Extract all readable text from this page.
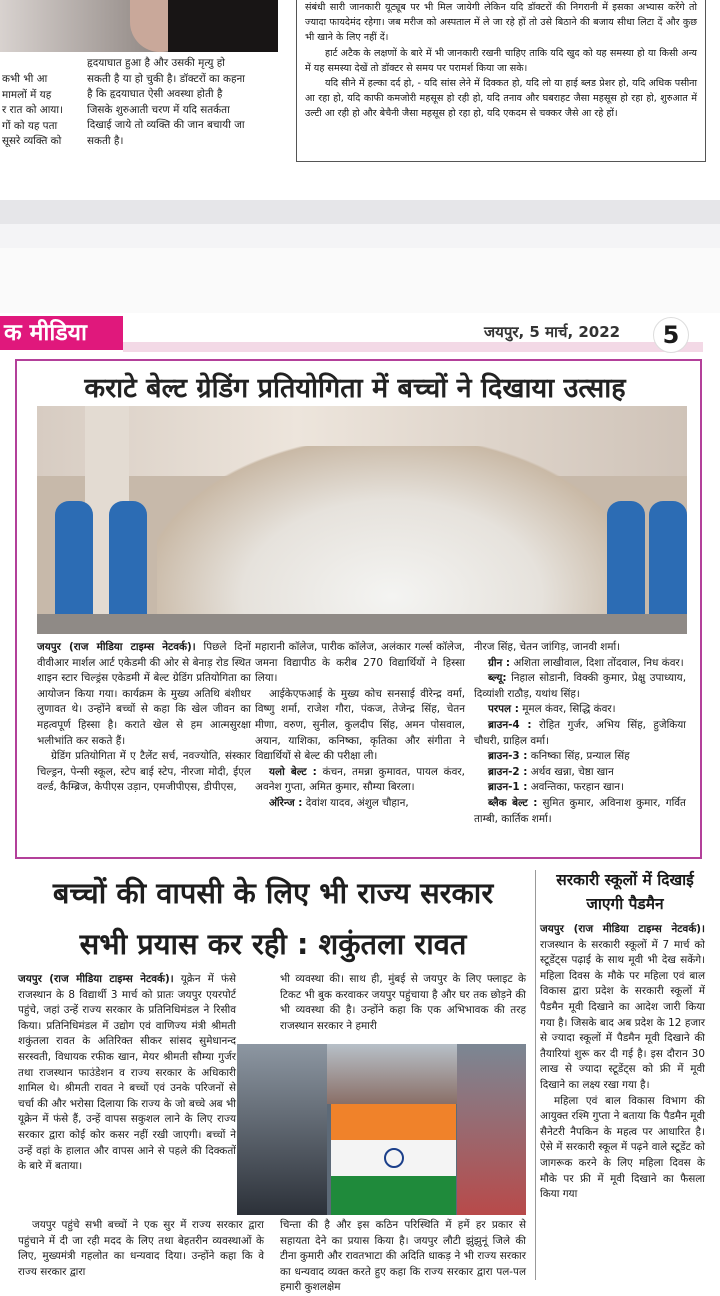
कभी भी आ
मामलों में यह
र रात को आया।
गों को यह पता
सूसरे व्यक्ति को
हृदयाघात हुआ है और उसकी मृत्यु हो
सकती है या हो चुकी है। डॉक्टरों का कहना
है कि हृदयाघात ऐसी अवस्था होती है
जिसके शुरुआती चरण में यदि सतर्कता
दिखाई जाये तो व्यक्ति की जान बचायी जा
सकती है।

संबंधी सारी जानकारी यूट्यूब पर भी मिल जायेगी लेकिन यदि डॉक्टरों की निगरानी में इसका अभ्यास करेंगे तो ज्यादा फायदेमंद रहेगा। जब मरीज को अस्पताल में ले जा रहे हों तो उसे बिठाने की बजाय सीधा लिटा दें और कुछ भी खाने के लिए नहीं दें।

हार्ट अटैक के लक्षणों के बारे में भी जानकारी रखनी चाहिए ताकि यदि खुद को यह समस्या हो या किसी अन्य में यह समस्या देखें तो डॉक्टर से समय पर परामर्श किया जा सके।

यदि सीने में हल्का दर्द हो, - यदि सांस लेने में दिक्कत हो, यदि लो या हाई ब्लड प्रेशर हो, यदि अधिक पसीना आ रहा हो, यदि काफी कमजोरी महसूस हो रही हो, यदि तनाव और घबराहट जैसा महसूस हो रहा हो, शुरुआत में उल्टी आ रही हो और बेचैनी जैसा महसूस हो रहा हो, यदि एकदम से चक्कर जैसे आ रहे हों।

क मीडिया	जयपुर, 5 मार्च, 2022	5
कराटे बेल्ट ग्रेडिंग प्रतियोगिता में बच्चों ने दिखाया उत्साह
जयपुर (राज मीडिया टाइम्स नेटवर्क)। पिछले दिनों वीवीआर मार्शल आर्ट एकेडमी की ओर से बेनाड़ रोड स्थित शाइन स्टार चिल्ड्रंस एकेडमी में बेल्ट ग्रेडिंग प्रतियोगिता का आयोजन किया गया। कार्यक्रम के मुख्य अतिथि बंशीधर लुणावत थे। उन्होंने बच्चों से कहा कि खेल जीवन का महत्वपूर्ण हिस्सा है। कराते खेल से हम आत्मसुरक्षा भलीभांति कर सकते हैं।
ग्रेडिंग प्रतियोगिता में ए टैलेंट सर्च, नवज्योति, संस्कार चिल्ड्रन, पेन्सी स्कूल, स्टेप बाई स्टेप, नीरजा मोदी, ईएल वर्ल्ड, कैम्ब्रिज, केपीएस उड़ान, एमजीपीएस, डीपीएस,
महारानी कॉलेज, पारीक कॉलेज, अलंकार गर्ल्स कॉलेज, जमना विद्यापीठ के करीब 270 विद्यार्थियों ने हिस्सा लिया।
आईकेएफआई के मुख्य कोच सनसाई वीरेन्द्र वर्मा, विष्णु शर्मा, राजेश गौरा, पंकज, तेजेन्द्र सिंह, चेतन मीणा, वरुण, सुनील, कुलदीप सिंह, अमन पोसवाल, अयान, याशिका, कनिष्का, कृतिका और संगीता ने विद्यार्थियों से बेल्ट की परीक्षा ली।
यलो बेल्ट : कंचन, तमन्ना कुमावत, पायल कंवर, अवनेश गुप्ता, अमित कुमार, सौम्या बिरला।
ऑरेन्ज : देवांश यादव, अंशुल चौहान,
नीरज सिंह, चेतन जांगिड़, जानवी शर्मा।
ग्रीन : अशिता लाखीवाल, दिशा तोंदवाल, निध कंवर।
ब्ल्यू: निहाल सोडानी, विक्की कुमार, प्रेक्षु उपाध्याय, दिव्यांशी राठौड़, यथांथ सिंह।
परपल : मूमल कंवर, सिद्धि कंवर।
ब्राउन-4 : रोहित गुर्जर, अभिय सिंह, हुजेकिया चौधरी, ग्राहिल वर्मा।
ब्राउन-3 : कनिष्का सिंह, प्रन्याल सिंह
ब्राउन-2 : अर्थव खन्ना, चेष्ठा खान
ब्राउन-1 : अवन्तिका, फरहान खान।
ब्लैक बेल्ट : सुमित कुमार, अविनाश कुमार, गर्वित ताम्बी, कार्तिक शर्मा।
बच्चों की वापसी के लिए भी राज्य सरकार
सभी प्रयास कर रही : शकुंतला रावत
जयपुर (राज मीडिया टाइम्स नेटवर्क)। यूक्रेन में फंसे राजस्थान के 8 विद्यार्थी 3 मार्च को प्रातः जयपुर एयरपोर्ट पहुंचे, जहां उन्हें राज्य सरकार के प्रतिनिधिमंडल ने रिसीव किया। प्रतिनिधिमंडल में उद्योग एवं वाणिज्य मंत्री श्रीमती शकुंतला रावत के अतिरिक्त सीकर सांसद सुमेधानन्द सरस्वती, विधायक रफीक खान, मेयर श्रीमती सौम्या गुर्जर तथा राजस्थान फाउंडेशन व राज्य सरकार के अधिकारी शामिल थे। श्रीमती रावत ने बच्चों एवं उनके परिजनों से चर्चा की और भरोसा दिलाया कि राज्य के जो बच्चे अब भी यूक्रेन में फंसे हैं, उन्हें वापस सकुशल लाने के लिए राज्य सरकार द्वारा कोई कोर कसर नहीं रखी जाएगी। बच्चों ने उन्हें वहां के हालात और वापस आने से पहले की दिक्कतों के बारे में बताया।
भी व्यवस्था की। साथ ही, मुंबई से जयपुर के लिए फ्लाइट के टिकट भी बुक करवाकर जयपुर पहुंचाया है और घर तक छोड़ने की भी व्यवस्था की है। उन्होंने कहा कि एक अभिभावक की तरह राजस्थान सरकार ने हमारी
जयपुर पहुंचे सभी बच्चों ने एक सुर में राज्य सरकार द्वारा पहुंचाने में दी जा रही मदद के लिए तथा बेहतरीन व्यवस्थाओं के लिए, मुख्यमंत्री गहलोत का धन्यवाद दिया। उन्होंने कहा कि वे राज्य सरकार द्वारा
चिन्ता की है और इस कठिन परिस्थिति में हमें हर प्रकार से सहायता देने का प्रयास किया है। जयपुर लौटी झुंझुनूं जिले की टीना कुमारी और रावतभाटा की अदिति धाकड़ ने भी राज्य सरकार का धन्यवाद व्यक्त करते हुए कहा कि राज्य सरकार द्वारा पल-पल हमारी कुशलक्षेम
सरकारी स्कूलों में दिखाई जाएगी पैडमैन
जयपुर (राज मीडिया टाइम्स नेटवर्क)। राजस्थान के सरकारी स्कूलों में 7 मार्च को स्टूडेंट्स पढ़ाई के साथ मूवी भी देख सकेंगे। महिला दिवस के मौके पर महिला एवं बाल विकास द्वारा प्रदेश के सरकारी स्कूलों में पैडमैन मूवी दिखाने का आदेश जारी किया गया है। जिसके बाद अब प्रदेश के 12 हजार से ज्यादा स्कूलों में पैडमैन मूवी दिखाने की तैयारियां शुरू कर दी गई है। इस दौरान 30 लाख से ज्यादा स्टूडेंट्स को फ्री में मूवी दिखाने का लक्ष्य रखा गया है।
महिला एवं बाल विकास विभाग की आयुक्त रश्मि गुप्ता ने बताया कि पैडमैन मूवी सैनेटरी नैपकिन के महत्व पर आधारित है। ऐसे में सरकारी स्कूल में पढ़ने वाले स्टूडेंट को जागरूक करने के लिए महिला दिवस के मौके पर फ्री में मूवी दिखाने का फैसला किया गया
